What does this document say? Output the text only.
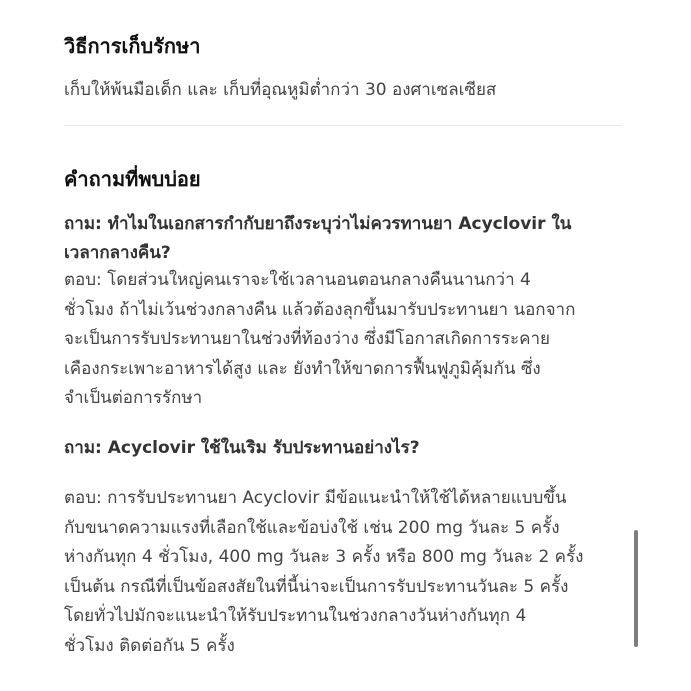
วิธีการเก็บรักษา
เก็บให้พ้นมือเด็ก และ เก็บที่อุณหูมิต่ำกว่า 30 องศาเซลเซียส
คำถามที่พบบ่อย
ถาม: ทำไมในเอกสารกำกับยาถึงระบุว่าไม่ควรทานยา Acyclovir ใน
เวลากลางคืน?
ตอบ: โดยส่วนใหญ่คนเราจะใช้เวลานอนตอนกลางคืนนานกว่า 4
ชั่วโมง ถ้าไม่เว้นช่วงกลางคืน แล้วต้องลุกขึ้นมารับประทานยา นอกจาก
จะเป็นการรับประทานยาในช่วงที่ท้องว่าง ซึ่งมีโอกาสเกิดการระคาย
เคืองกระเพาะอาหารได้สูง และ ยังทำให้ขาดการฟื้นฟูภูมิคุ้มกัน ซึ่ง
จำเป็นต่อการรักษา
ถาม: Acyclovir ใช้ในเริม รับประทานอย่างไร?
ตอบ: การรับประทานยา Acyclovir มีข้อแนะนำให้ใช้ได้หลายแบบขึ้น
กับขนาดความแรงที่เลือกใช้และข้อบ่งใช้ เช่น 200 mg วันละ 5 ครั้ง
ห่างกันทุก 4 ชั่วโมง, 400 mg วันละ 3 ครั้ง หรือ 800 mg วันละ 2 ครั้ง
เป็นต้น กรณีที่เป็นข้อสงสัยในที่นี้น่าจะเป็นการรับประทานวันละ 5 ครั้ง
โดยทั่วไปมักจะแนะนำให้รับประทานในช่วงกลางวันห่างกันทุก 4
ชั่วโมง ติดต่อกัน 5 ครั้ง
